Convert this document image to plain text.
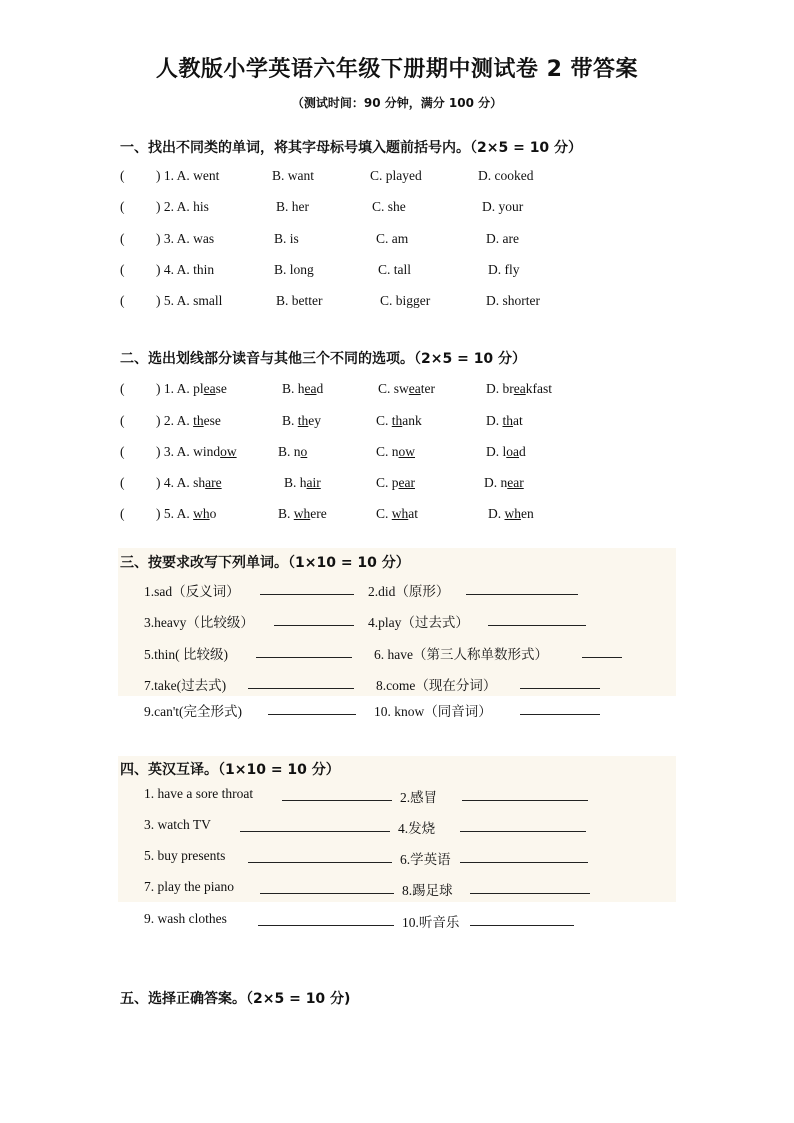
人教版小学英语六年级下册期中测试卷 2 带答案
（测试时间：90 分钟，满分 100 分）
一、找出不同类的单词，将其字母标号填入题前括号内。（2×5 = 10 分）
( ) 1. A. went	B. want	C. played	D. cooked
( ) 2. A. his	B. her	C. she	D. your
( ) 3. A. was	B. is	C. am	D. are
( ) 4. A. thin	B. long	C. tall	D. fly
( ) 5. A. small	B. better	C. bigger	D. shorter
二、选出划线部分读音与其他三个不同的选项。（2×5 = 10 分）
( ) 1. A. please	B. head	C. sweater	D. breakfast
( ) 2. A. these	B. they	C. thank	D. that
( ) 3. A. window	B. no	C. now	D. load
( ) 4. A. share	B. hair	C. pear	D. near
( ) 5. A. who	B. where	C. what	D. when
三、按要求改写下列单词。（1×10 = 10 分）
1.sad（反义词）	2.did（原形）
3.heavy（比较级）	4.play（过去式）
5.thin( 比较级)	6. have（第三人称单数形式）
7.take(过去式)	8.come（现在分词）
9.can't(完全形式)	10. know（同音词）
四、英汉互译。（1×10 = 10 分）
1. have a sore throat	2.感冒
3. watch TV	4.发烧
5. buy presents	6.学英语
7. play the piano	8.踢足球
9. wash clothes	10.听音乐
五、选择正确答案。（2×5 = 10 分)
